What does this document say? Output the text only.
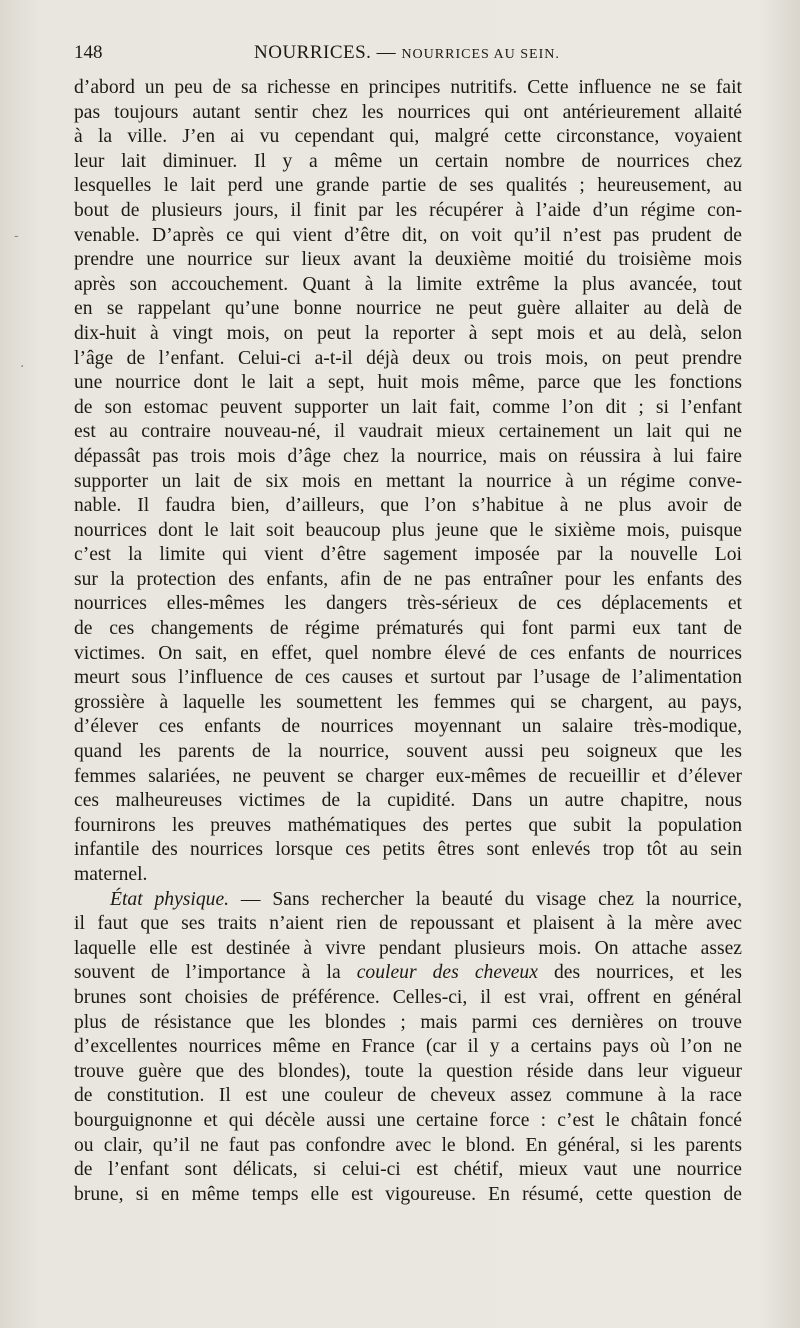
148	NOURRICES. — NOURRICES AU SEIN.
d’abord un peu de sa richesse en principes nutritifs. Cette influence ne se fait
pas toujours autant sentir chez les nourrices qui ont antérieurement allaité
à la ville. J’en ai vu cependant qui, malgré cette circonstance, voyaient
leur lait diminuer. Il y a même un certain nombre de nourrices chez
lesquelles le lait perd une grande partie de ses qualités ; heureusement, au
bout de plusieurs jours, il finit par les récupérer à l’aide d’un régime con-
venable. D’après ce qui vient d’être dit, on voit qu’il n’est pas prudent de
prendre une nourrice sur lieux avant la deuxième moitié du troisième mois
après son accouchement. Quant à la limite extrême la plus avancée, tout
en se rappelant qu’une bonne nourrice ne peut guère allaiter au delà de
dix-huit à vingt mois, on peut la reporter à sept mois et au delà, selon
l’âge de l’enfant. Celui-ci a-t-il déjà deux ou trois mois, on peut prendre
une nourrice dont le lait a sept, huit mois même, parce que les fonctions
de son estomac peuvent supporter un lait fait, comme l’on dit ; si l’enfant
est au contraire nouveau-né, il vaudrait mieux certainement un lait qui ne
dépassât pas trois mois d’âge chez la nourrice, mais on réussira à lui faire
supporter un lait de six mois en mettant la nourrice à un régime conve-
nable. Il faudra bien, d’ailleurs, que l’on s’habitue à ne plus avoir de
nourrices dont le lait soit beaucoup plus jeune que le sixième mois, puisque
c’est la limite qui vient d’être sagement imposée par la nouvelle Loi
sur la protection des enfants, afin de ne pas entraîner pour les enfants des
nourrices elles-mêmes les dangers très-sérieux de ces déplacements et
de ces changements de régime prématurés qui font parmi eux tant de
victimes. On sait, en effet, quel nombre élevé de ces enfants de nourrices
meurt sous l’influence de ces causes et surtout par l’usage de l’alimentation
grossière à laquelle les soumettent les femmes qui se chargent, au pays,
d’élever ces enfants de nourrices moyennant un salaire très-modique,
quand les parents de la nourrice, souvent aussi peu soigneux que les
femmes salariées, ne peuvent se charger eux-mêmes de recueillir et d’élever
ces malheureuses victimes de la cupidité. Dans un autre chapitre, nous
fournirons les preuves mathématiques des pertes que subit la population
infantile des nourrices lorsque ces petits êtres sont enlevés trop tôt au sein
maternel.
État physique. — Sans rechercher la beauté du visage chez la nourrice,
il faut que ses traits n’aient rien de repoussant et plaisent à la mère avec
laquelle elle est destinée à vivre pendant plusieurs mois. On attache assez
souvent de l’importance à la couleur des cheveux des nourrices, et les
brunes sont choisies de préférence. Celles-ci, il est vrai, offrent en général
plus de résistance que les blondes ; mais parmi ces dernières on trouve
d’excellentes nourrices même en France (car il y a certains pays où l’on ne
trouve guère que des blondes), toute la question réside dans leur vigueur
de constitution. Il est une couleur de cheveux assez commune à la race
bourguignonne et qui décèle aussi une certaine force : c’est le châtain foncé
ou clair, qu’il ne faut pas confondre avec le blond. En général, si les parents
de l’enfant sont délicats, si celui-ci est chétif, mieux vaut une nourrice
brune, si en même temps elle est vigoureuse. En résumé, cette question de
-
.
